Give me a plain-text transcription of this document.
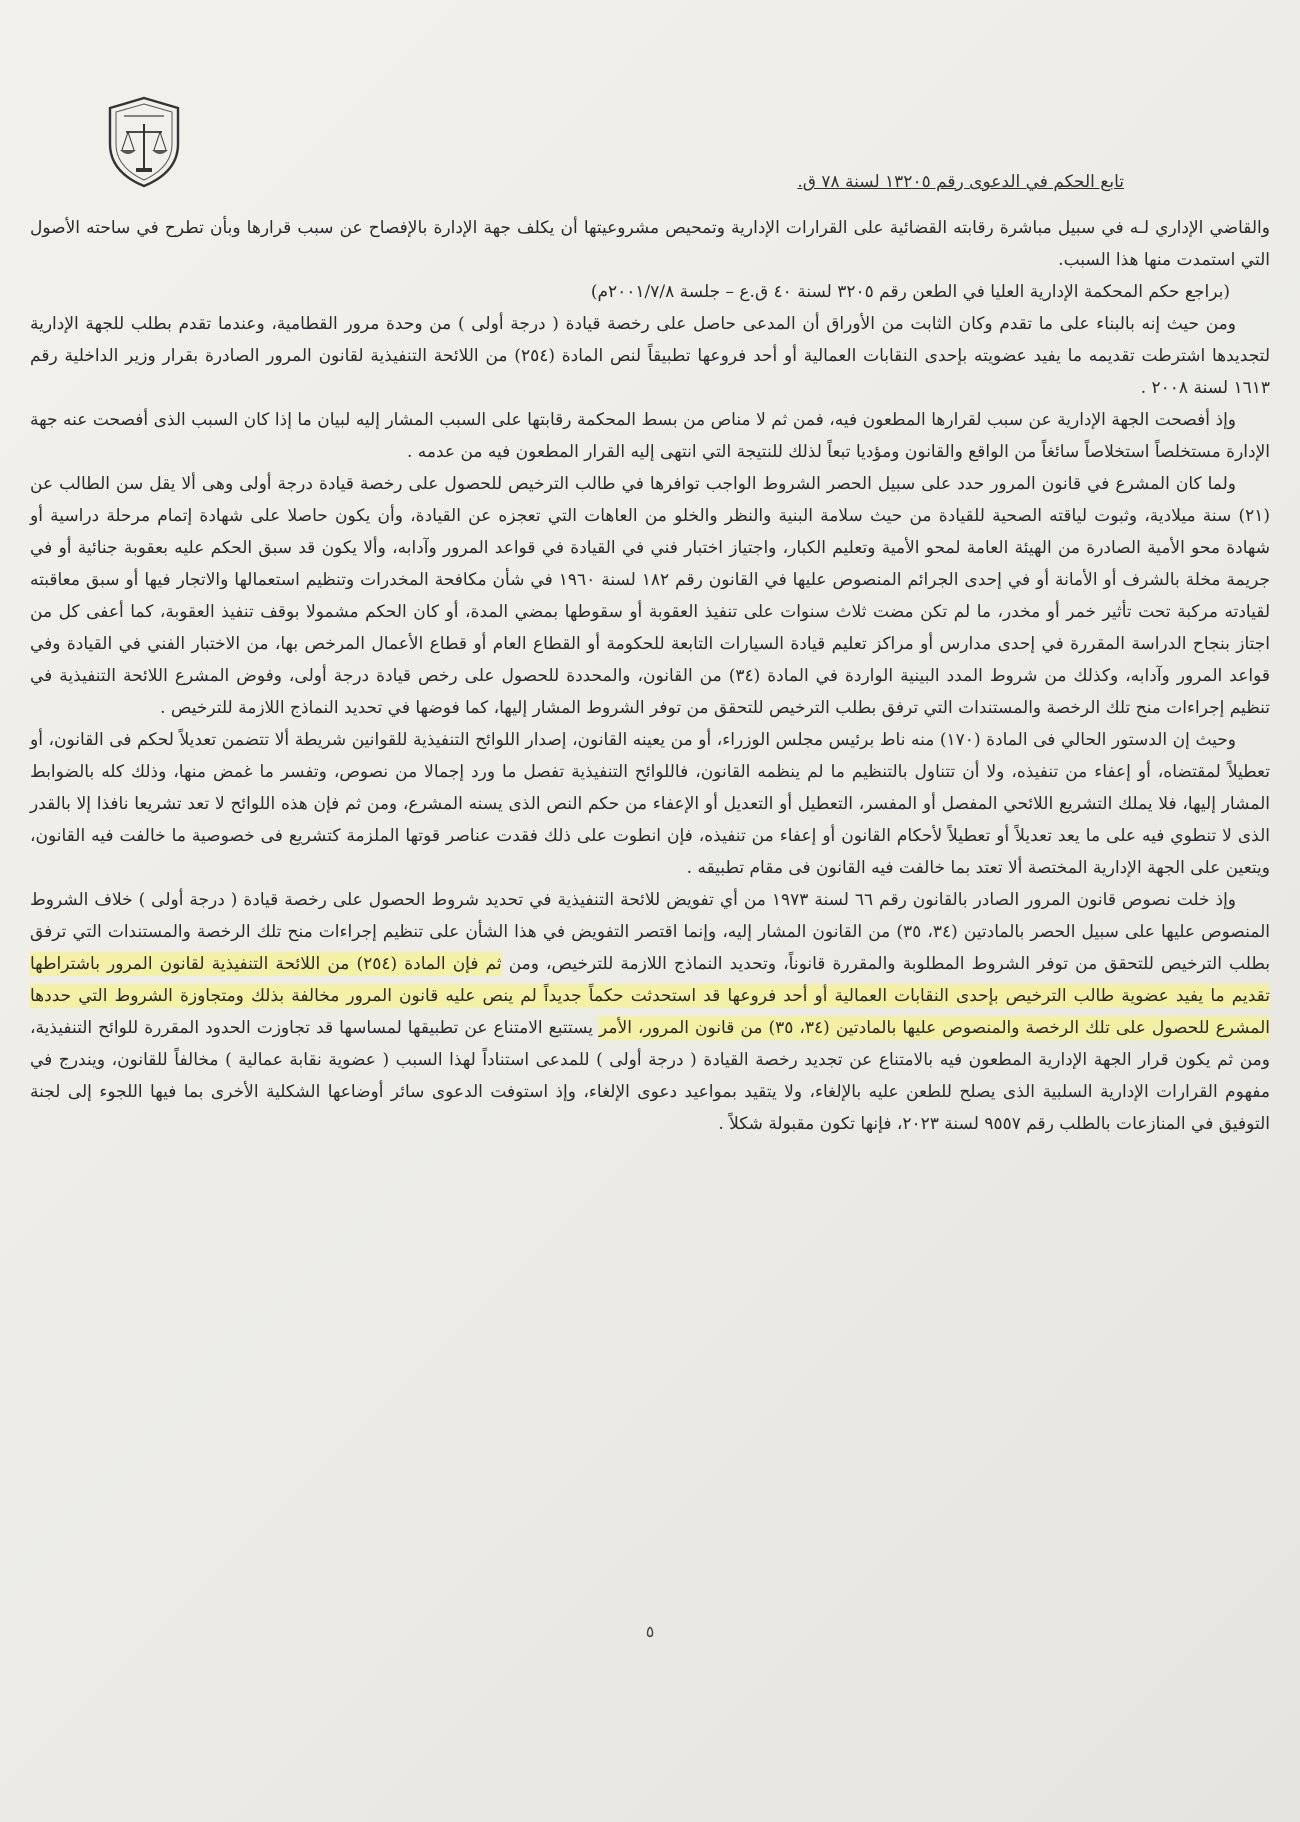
تابع الحكم في الدعوى رقم ١٣٢٠٥ لسنة ٧٨ ق.

والقاضي الإداري لـه في سبيل مباشرة رقابته القضائية على القرارات الإدارية وتمحيص مشروعيتها أن يكلف جهة الإدارة بالإفصاح عن سبب قرارها وبأن تطرح في ساحته الأصول التي استمدت منها هذا السبب.

(براجع حكم المحكمة الإدارية العليا في الطعن رقم ٣٢٠٥ لسنة ٤٠ ق.ع – جلسة ٢٠٠١/٧/٨م)

ومن حيث إنه بالبناء على ما تقدم وكان الثابت من الأوراق أن المدعى حاصل على رخصة قيادة ( درجة أولى ) من وحدة مرور القطامية، وعندما تقدم بطلب للجهة الإدارية لتجديدها اشترطت تقديمه ما يفيد عضويته بإحدى النقابات العمالية أو أحد فروعها تطبيقاً لنص المادة (٢٥٤) من اللائحة التنفيذية لقانون المرور الصادرة بقرار وزير الداخلية رقم ١٦١٣ لسنة ٢٠٠٨ .

وإذ أفصحت الجهة الإدارية عن سبب لقرارها المطعون فيه، فمن ثم لا مناص من بسط المحكمة رقابتها على السبب المشار إليه لبيان ما إذا كان السبب الذى أفصحت عنه جهة الإدارة مستخلصاً استخلاصاً سائغاً من الواقع والقانون ومؤديا تبعاً لذلك للنتيجة التي انتهى إليه القرار المطعون فيه من عدمه .

ولما كان المشرع في قانون المرور حدد على سبيل الحصر الشروط الواجب توافرها في طالب الترخيص للحصول على رخصة قيادة درجة أولى وهى ألا يقل سن الطالب عن (٢١) سنة ميلادية، وثبوت لياقته الصحية للقيادة من حيث سلامة البنية والنظر والخلو من العاهات التي تعجزه عن القيادة، وأن يكون حاصلا على شهادة إتمام مرحلة دراسية أو شهادة محو الأمية الصادرة من الهيئة العامة لمحو الأمية وتعليم الكبار، واجتياز اختبار فني في القيادة في قواعد المرور وآدابه، وألا يكون قد سبق الحكم عليه بعقوبة جنائية أو في جريمة مخلة بالشرف أو الأمانة أو في إحدى الجرائم المنصوص عليها في القانون رقم ١٨٢ لسنة ١٩٦٠ في شأن مكافحة المخدرات وتنظيم استعمالها والاتجار فيها أو سبق معاقبته لقيادته مركبة تحت تأثير خمر أو مخدر، ما لم تكن مضت ثلاث سنوات على تنفيذ العقوبة أو سقوطها بمضي المدة، أو كان الحكم مشمولا بوقف تنفيذ العقوبة، كما أعفى كل من اجتاز بنجاح الدراسة المقررة في إحدى مدارس أو مراكز تعليم قيادة السيارات التابعة للحكومة أو القطاع العام أو قطاع الأعمال المرخص بها، من الاختبار الفني في القيادة وفي قواعد المرور وآدابه، وكذلك من شروط المدد البينية الواردة في المادة (٣٤) من القانون، والمحددة للحصول على رخص قيادة درجة أولى، وفوض المشرع اللائحة التنفيذية في تنظيم إجراءات منح تلك الرخصة والمستندات التي ترفق بطلب الترخيص للتحقق من توفر الشروط المشار إليها، كما فوضها في تحديد النماذج اللازمة للترخيص .

وحيث إن الدستور الحالي فى المادة (١٧٠) منه ناط برئيس مجلس الوزراء، أو من يعينه القانون، إصدار اللوائح التنفيذية للقوانين شريطة ألا تتضمن تعديلاً لحكم فى القانون، أو تعطيلاً لمقتضاه، أو إعفاء من تنفيذه، ولا أن تتناول بالتنظيم ما لم ينظمه القانون، فاللوائح التنفيذية تفصل ما ورد إجمالا من نصوص، وتفسر ما غمض منها، وذلك كله بالضوابط المشار إليها، فلا يملك التشريع اللائحي المفصل أو المفسر، التعطيل أو التعديل أو الإعفاء من حكم النص الذى يسنه المشرع، ومن ثم فإن هذه اللوائح لا تعد تشريعا نافذا إلا بالقدر الذى لا تنطوي فيه على ما يعد تعديلاً أو تعطيلاً لأحكام القانون أو إعفاء من تنفيذه، فإن انطوت على ذلك فقدت عناصر قوتها الملزمة كتشريع فى خصوصية ما خالفت فيه القانون، ويتعين على الجهة الإدارية المختصة ألا تعتد بما خالفت فيه القانون فى مقام تطبيقه .

وإذ خلت نصوص قانون المرور الصادر بالقانون رقم ٦٦ لسنة ١٩٧٣ من أي تفويض للائحة التنفيذية في تحديد شروط الحصول على رخصة قيادة ( درجة أولى ) خلاف الشروط المنصوص عليها على سبيل الحصر بالمادتين (٣٤، ٣٥) من القانون المشار إليه، وإنما اقتصر التفويض في هذا الشأن على تنظيم إجراءات منح تلك الرخصة والمستندات التي ترفق بطلب الترخيص للتحقق من توفر الشروط المطلوبة والمقررة قانوناً، وتحديد النماذج اللازمة للترخيص، ومن ثم فإن المادة (٢٥٤) من اللائحة التنفيذية لقانون المرور باشتراطها تقديم ما يفيد عضوية طالب الترخيص بإحدى النقابات العمالية أو أحد فروعها قد استحدثت حكماً جديداً لم ينص عليه قانون المرور مخالفة بذلك ومتجاوزة الشروط التي حددها المشرع للحصول على تلك الرخصة والمنصوص عليها بالمادتين (٣٤، ٣٥) من قانون المرور، الأمر يستتبع الامتناع عن تطبيقها لمساسها قد تجاوزت الحدود المقررة للوائح التنفيذية، ومن ثم يكون قرار الجهة الإدارية المطعون فيه بالامتناع عن تجديد رخصة القيادة ( درجة أولى ) للمدعى استناداً لهذا السبب ( عضوية نقابة عمالية ) مخالفاً للقانون، ويندرج في مفهوم القرارات الإدارية السلبية الذى يصلح للطعن عليه بالإلغاء، ولا يتقيد بمواعيد دعوى الإلغاء، وإذ استوفت الدعوى سائر أوضاعها الشكلية الأخرى بما فيها اللجوء إلى لجنة التوفيق في المنازعات بالطلب رقم ٩٥٥٧ لسنة ٢٠٢٣، فإنها تكون مقبولة شكلاً .

٥
